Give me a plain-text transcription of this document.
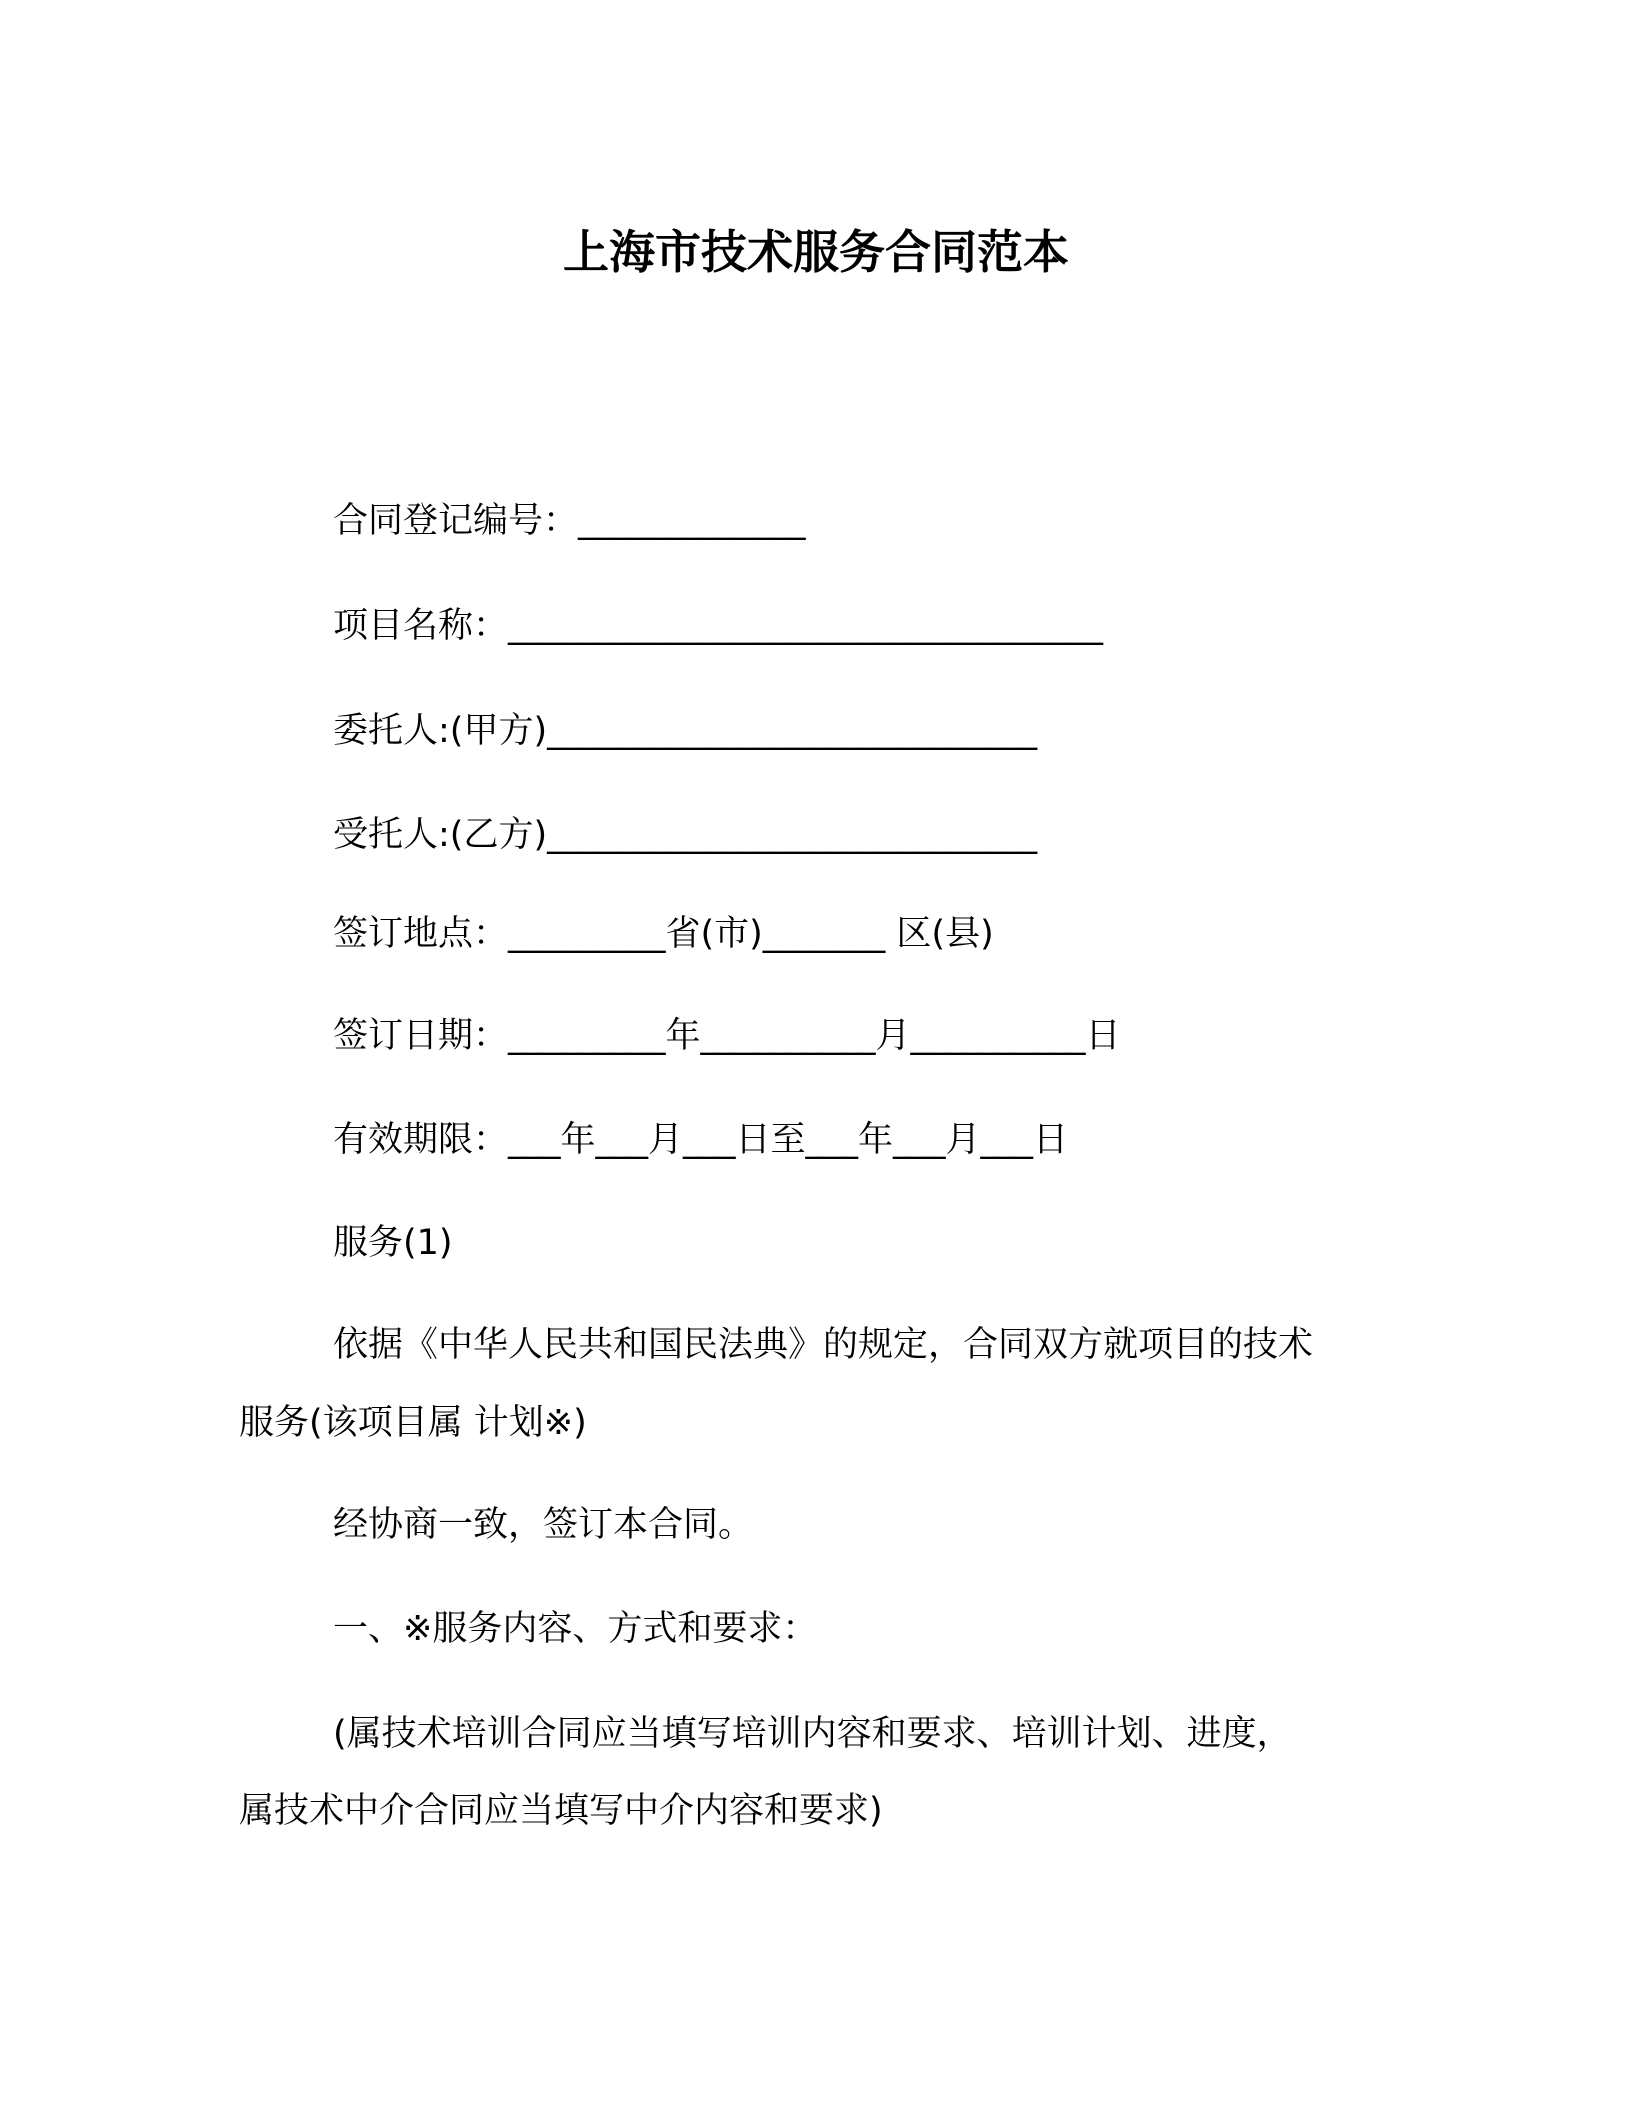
上海市技术服务合同范本
合同登记编号：_____________
项目名称：__________________________________
委托人:(甲方)____________________________
受托人:(乙方)____________________________
签订地点：_________省(市)_______ 区(县)
签订日期：_________年__________月__________日
有效期限：___年___月___日至___年___月___日
服务(1)
依据《中华人民共和国民法典》的规定，合同双方就项目的技术
服务(该项目属 计划※)
经协商一致，签订本合同。
一、※服务内容、方式和要求：
(属技术培训合同应当填写培训内容和要求、培训计划、进度，
属技术中介合同应当填写中介内容和要求)
